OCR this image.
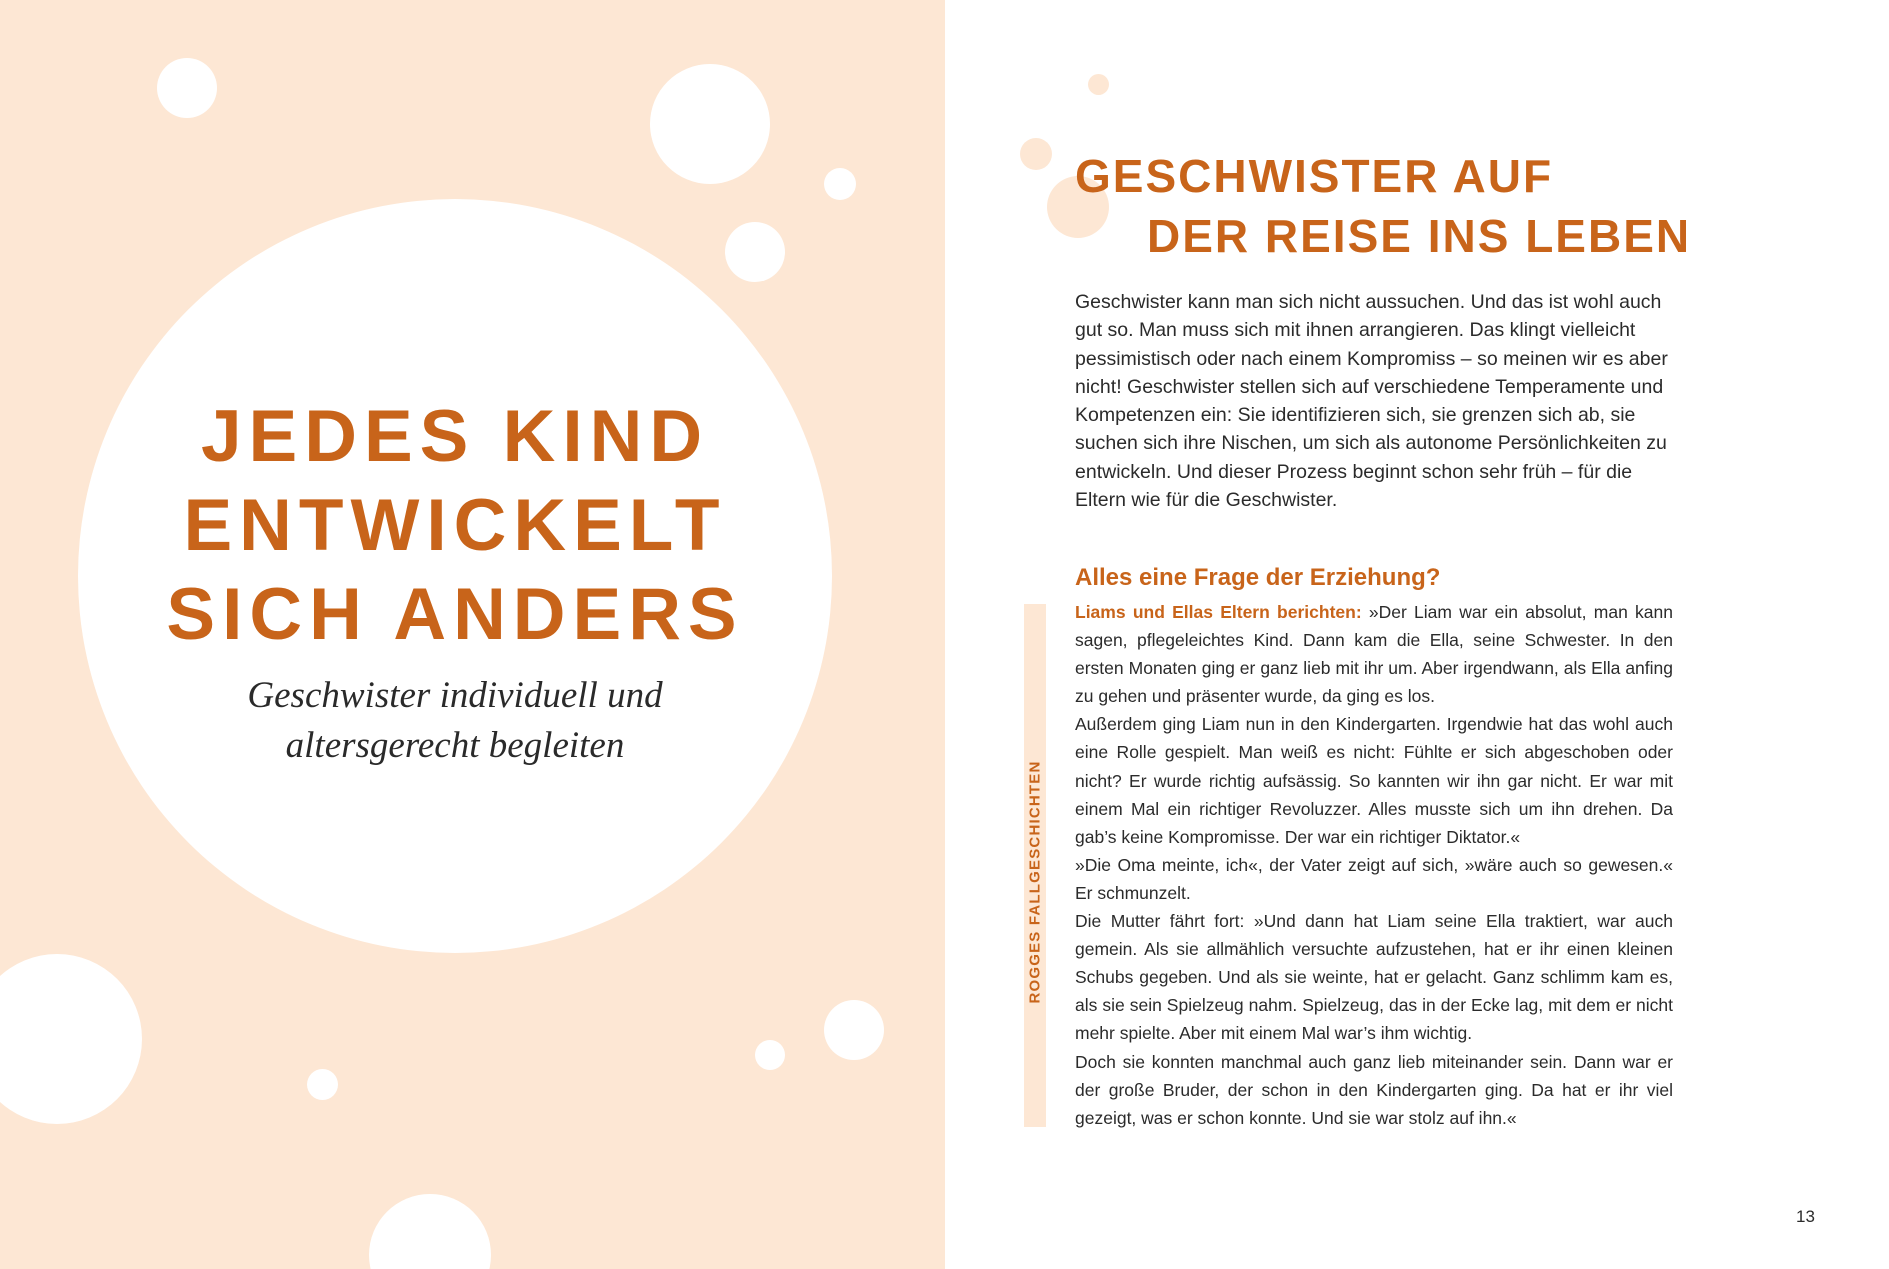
JEDES KIND
ENTWICKELT
SICH ANDERS

Geschwister individuell und
altersgerecht begleiten

GESCHWISTER AUF
DER REISE INS LEBEN

Geschwister kann man sich nicht aussuchen. Und das ist wohl auch gut so. Man muss sich mit ihnen arrangieren. Das klingt vielleicht pessimistisch oder nach einem Kompromiss – so meinen wir es aber nicht! Geschwister stellen sich auf verschiedene Temperamente und Kompetenzen ein: Sie identifizieren sich, sie grenzen sich ab, sie suchen sich ihre Nischen, um sich als autonome Persönlichkeiten zu entwickeln. Und dieser Prozess beginnt schon sehr früh – für die Eltern wie für die Geschwister.

Alles eine Frage der Erziehung?
ROGGES FALLGESCHICHTEN

Liams und Ellas Eltern berichten: »Der Liam war ein absolut, man kann sagen, pflegeleichtes Kind. Dann kam die Ella, seine Schwester. In den ersten Monaten ging er ganz lieb mit ihr um. Aber irgendwann, als Ella anfing zu gehen und präsenter wurde, da ging es los.

Außerdem ging Liam nun in den Kindergarten. Irgendwie hat das wohl auch eine Rolle gespielt. Man weiß es nicht: Fühlte er sich abgeschoben oder nicht? Er wurde richtig aufsässig. So kannten wir ihn gar nicht. Er war mit einem Mal ein richtiger Revoluzzer. Alles musste sich um ihn drehen. Da gab’s keine Kompromisse. Der war ein richtiger Diktator.«

»Die Oma meinte, ich«, der Vater zeigt auf sich, »wäre auch so gewesen.« Er schmunzelt.

Die Mutter fährt fort: »Und dann hat Liam seine Ella traktiert, war auch gemein. Als sie allmählich versuchte aufzustehen, hat er ihr einen kleinen Schubs gegeben. Und als sie weinte, hat er gelacht. Ganz schlimm kam es, als sie sein Spielzeug nahm. Spielzeug, das in der Ecke lag, mit dem er nicht mehr spielte. Aber mit einem Mal war’s ihm wichtig.

Doch sie konnten manchmal auch ganz lieb miteinander sein. Dann war er der große Bruder, der schon in den Kindergarten ging. Da hat er ihr viel gezeigt, was er schon konnte. Und sie war stolz auf ihn.«

13
